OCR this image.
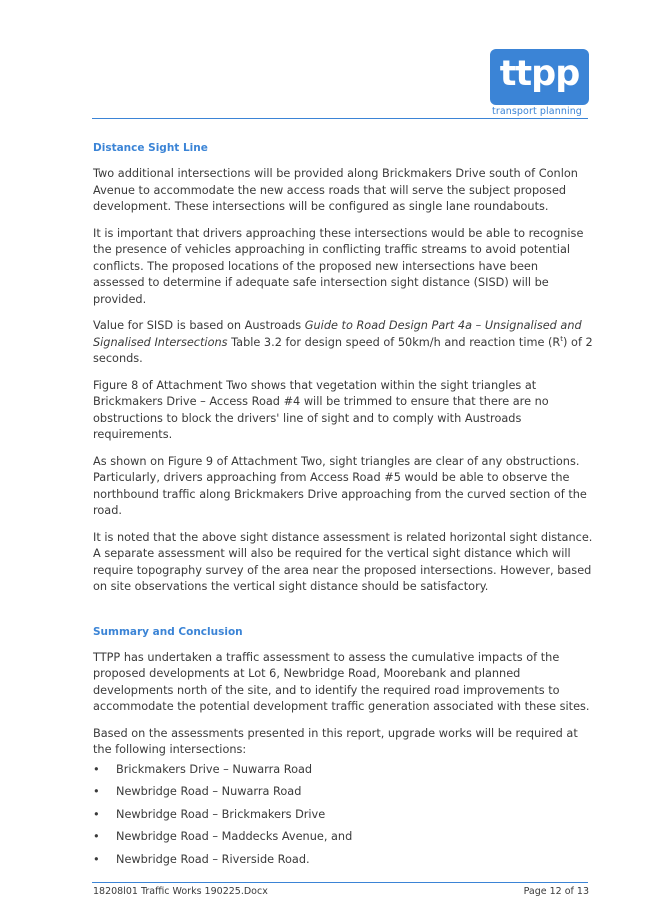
ttpp
transport planning
Distance Sight Line

Two additional intersections will be provided along Brickmakers Drive south of Conlon Avenue to accommodate the new access roads that will serve the subject proposed development. These intersections will be configured as single lane roundabouts.

It is important that drivers approaching these intersections would be able to recognise the presence of vehicles approaching in conflicting traffic streams to avoid potential conflicts. The proposed locations of the proposed new intersections have been assessed to determine if adequate safe intersection sight distance (SISD) will be provided.

Value for SISD is based on Austroads Guide to Road Design Part 4a – Unsignalised and Signalised Intersections Table 3.2 for design speed of 50km/h and reaction time $(R^t)$ of 2 seconds.

Figure 8 of Attachment Two shows that vegetation within the sight triangles at Brickmakers Drive – Access Road #4 will be trimmed to ensure that there are no obstructions to block the drivers' line of sight and to comply with Austroads requirements.

As shown on Figure 9 of Attachment Two, sight triangles are clear of any obstructions. Particularly, drivers approaching from Access Road #5 would be able to observe the northbound traffic along Brickmakers Drive approaching from the curved section of the road.

It is noted that the above sight distance assessment is related horizontal sight distance. A separate assessment will also be required for the vertical sight distance which will require topography survey of the area near the proposed intersections. However, based on site observations the vertical sight distance should be satisfactory.

Summary and Conclusion

TTPP has undertaken a traffic assessment to assess the cumulative impacts of the proposed developments at Lot 6, Newbridge Road, Moorebank and planned developments north of the site, and to identify the required road improvements to accommodate the potential development traffic generation associated with these sites.

Based on the assessments presented in this report, upgrade works will be required at the following intersections:

• Brickmakers Drive – Nuwarra Road
• Newbridge Road – Nuwarra Road
• Newbridge Road – Brickmakers Drive
• Newbridge Road – Maddecks Avenue, and
• Newbridge Road – Riverside Road.
18208l01 Traffic Works 190225.Docx	Page 12 of 13
